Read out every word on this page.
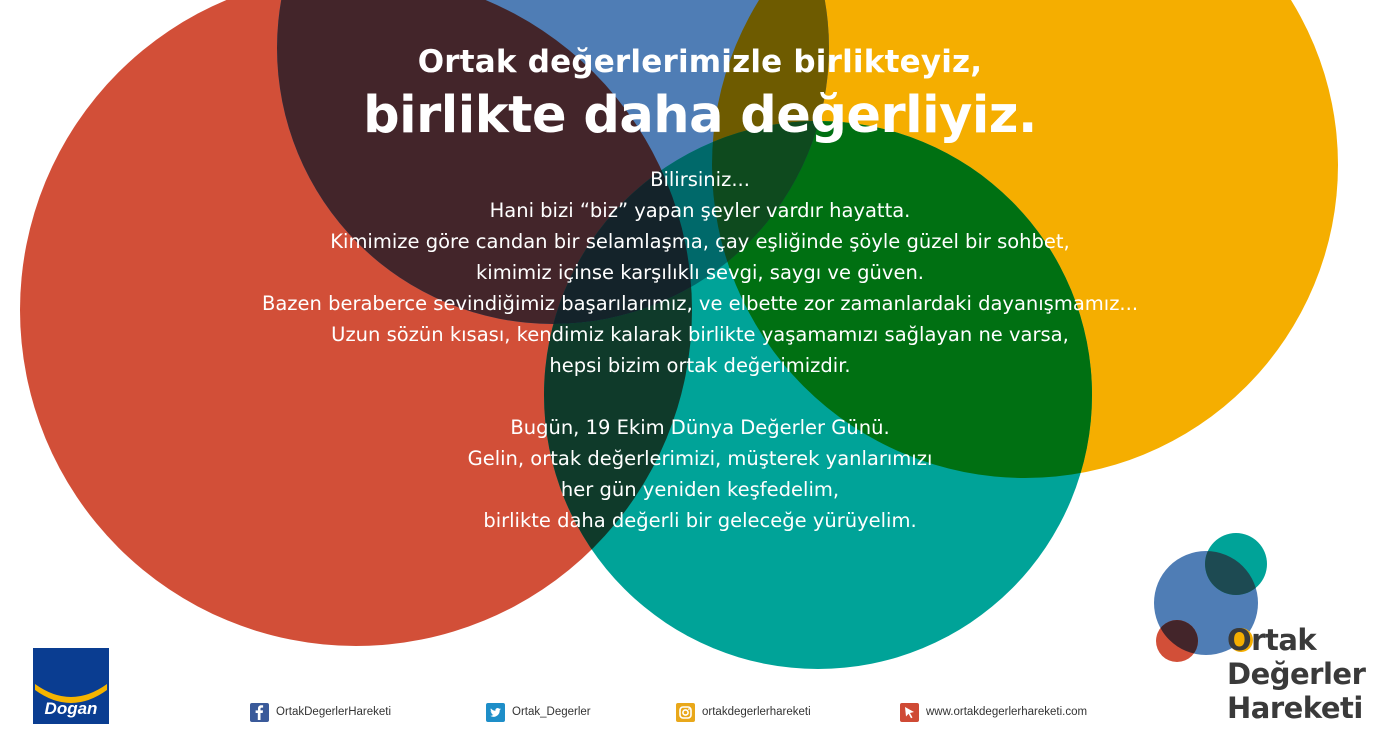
Ortak değerlerimizle birlikteyiz,
birlikte daha değerliyiz.
Bilirsiniz...
Hani bizi “biz” yapan şeyler vardır hayatta.
Kimimize göre candan bir selamlaşma, çay eşliğinde şöyle güzel bir sohbet,
kimimiz içinse karşılıklı sevgi, saygı ve güven.
Bazen beraberce sevindiğimiz başarılarımız, ve elbette zor zamanlardaki dayanışmamız...
Uzun sözün kısası, kendimiz kalarak birlikte yaşamamızı sağlayan ne varsa,
hepsi bizim ortak değerimizdir.
Bugün, 19 Ekim Dünya Değerler Günü.
Gelin, ortak değerlerimizi, müşterek yanlarımızı
her gün yeniden keşfedelim,
birlikte daha değerli bir geleceğe yürüyelim.
Dogan	OrtakDegerlerHareketi	Ortak_Degerler	ortakdegerlerhareketi	www.ortakdegerlerhareketi.com
Ortak
Değerler
Hareketi
